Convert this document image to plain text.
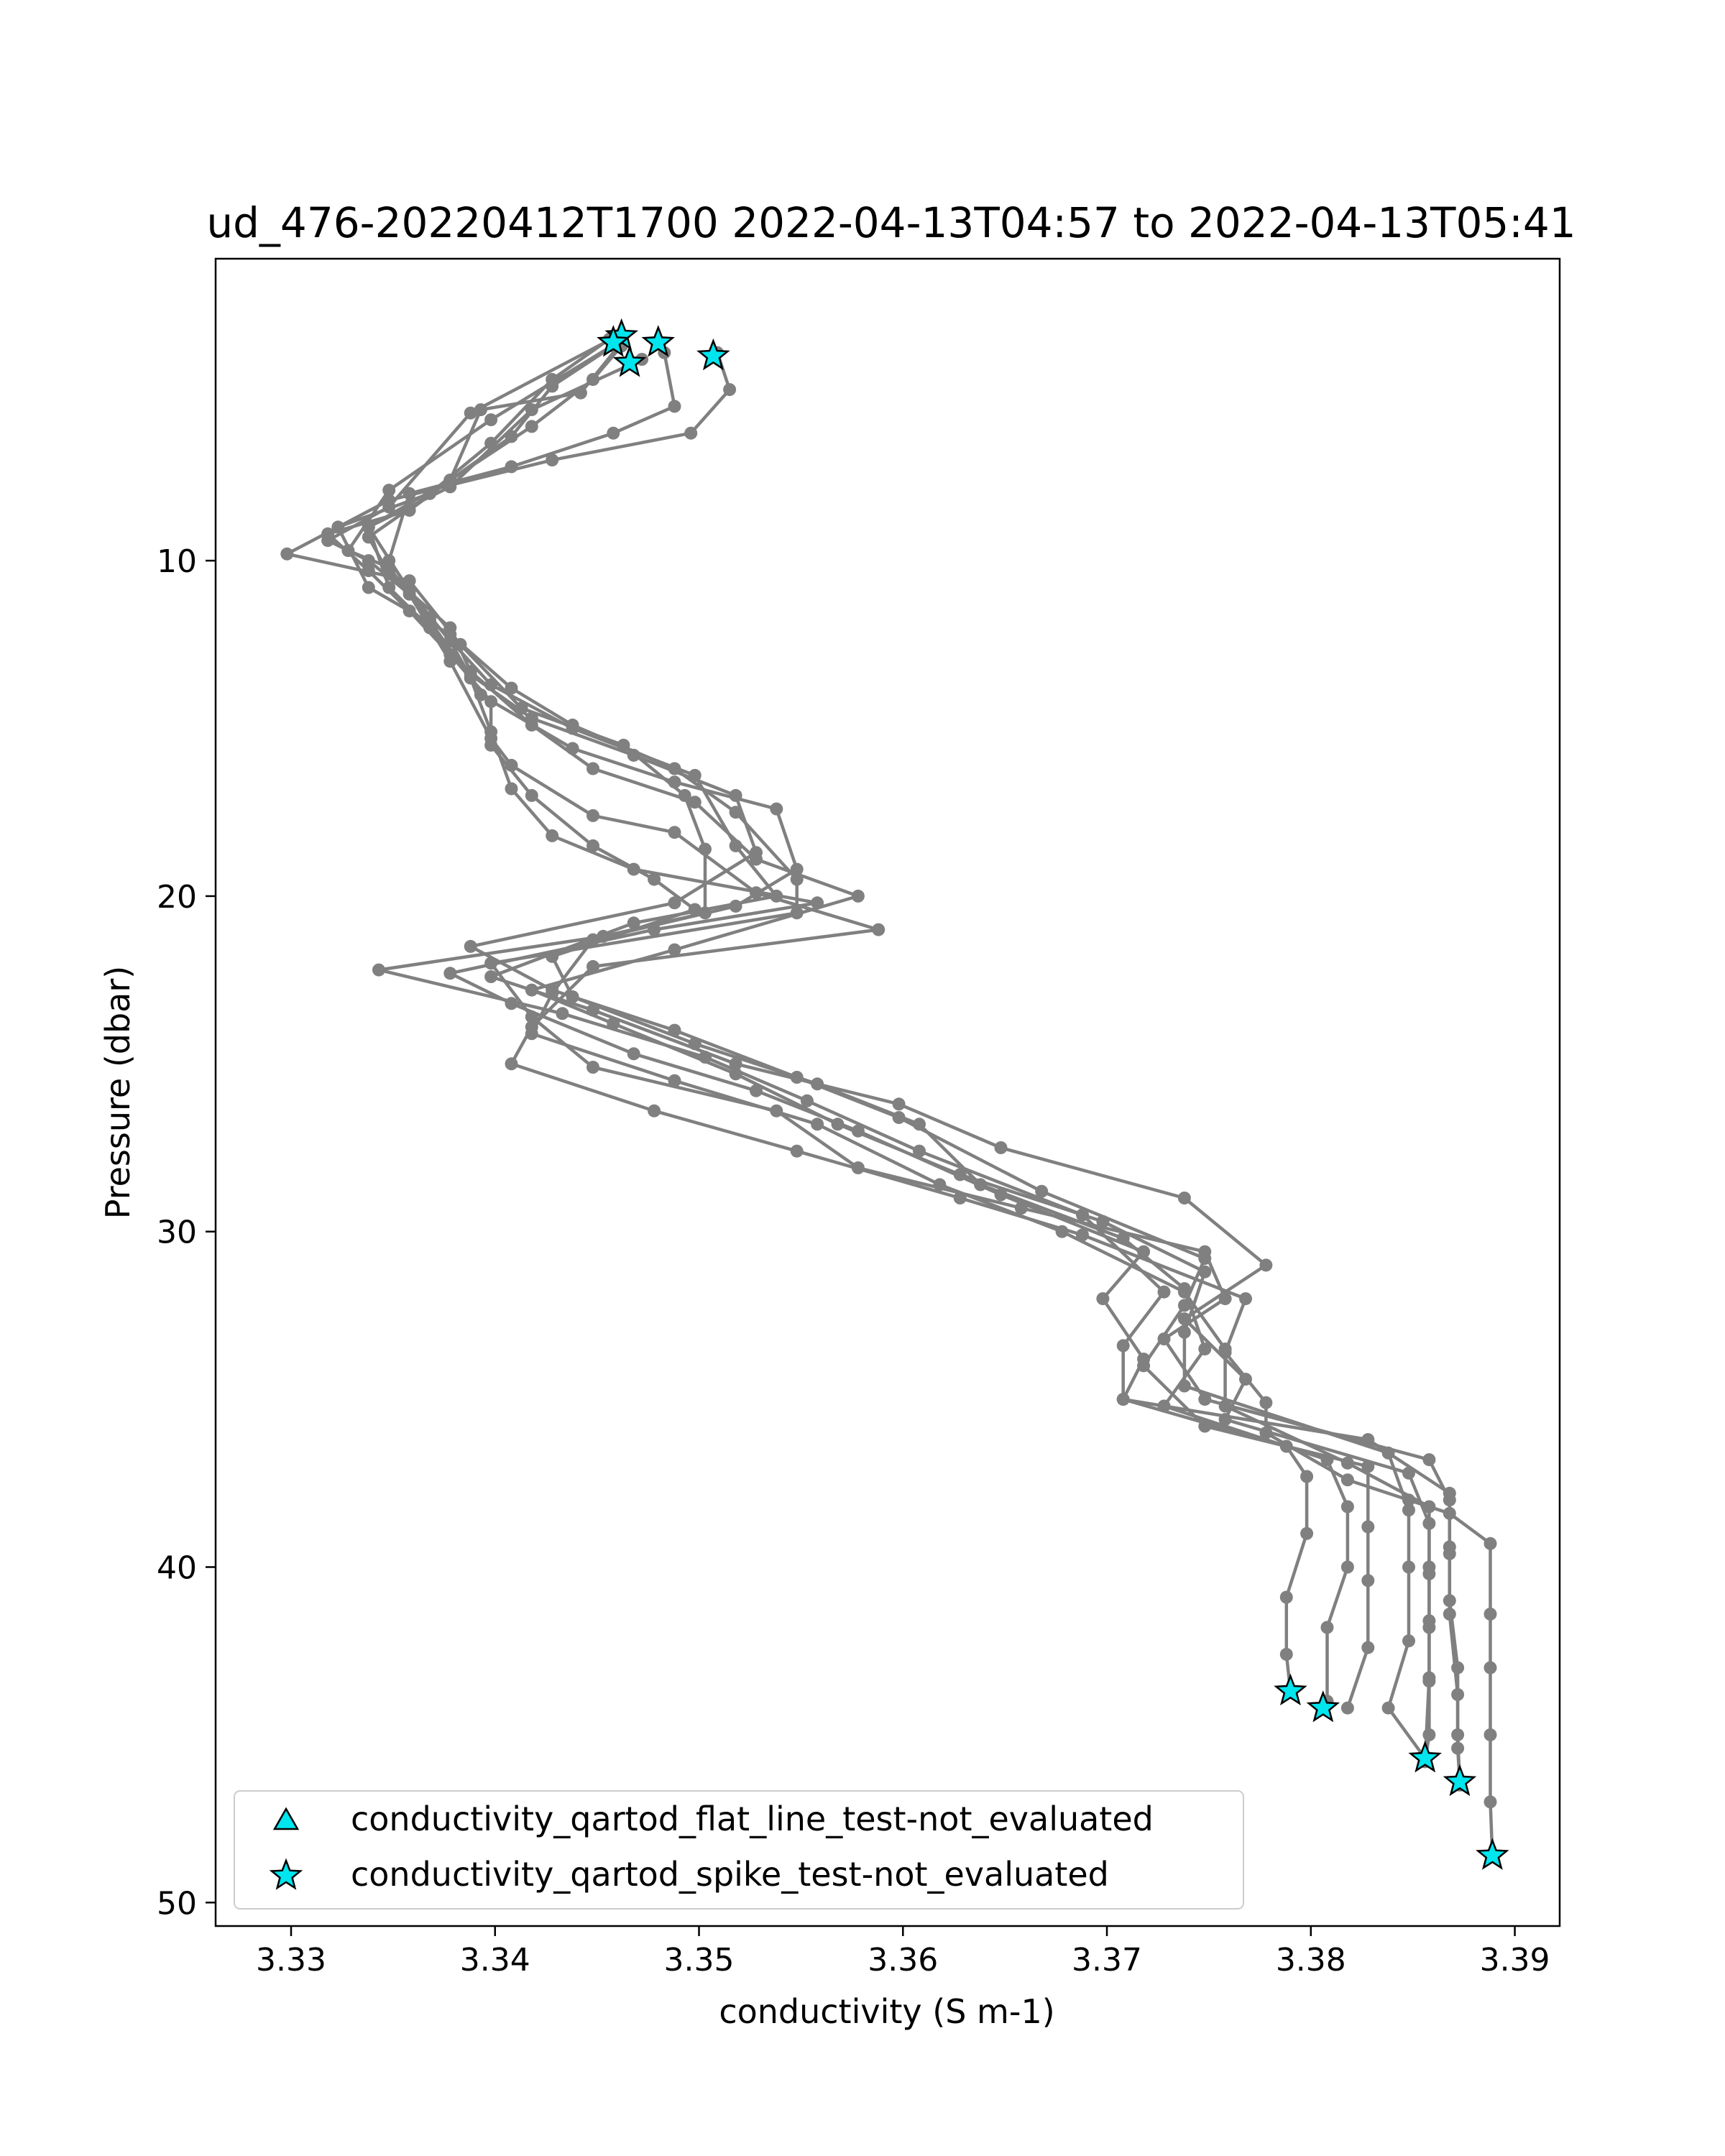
ud_476-20220412T1700 2022-04-13T04:57 to 2022-04-13T05:41
3.33	3.34	3.35	3.36	3.37	3.38	3.39
10
20
30
40
50
conductivity (S m-1)
Pressure (dbar)
conductivity_qartod_flat_line_test-not_evaluated
conductivity_qartod_spike_test-not_evaluated
